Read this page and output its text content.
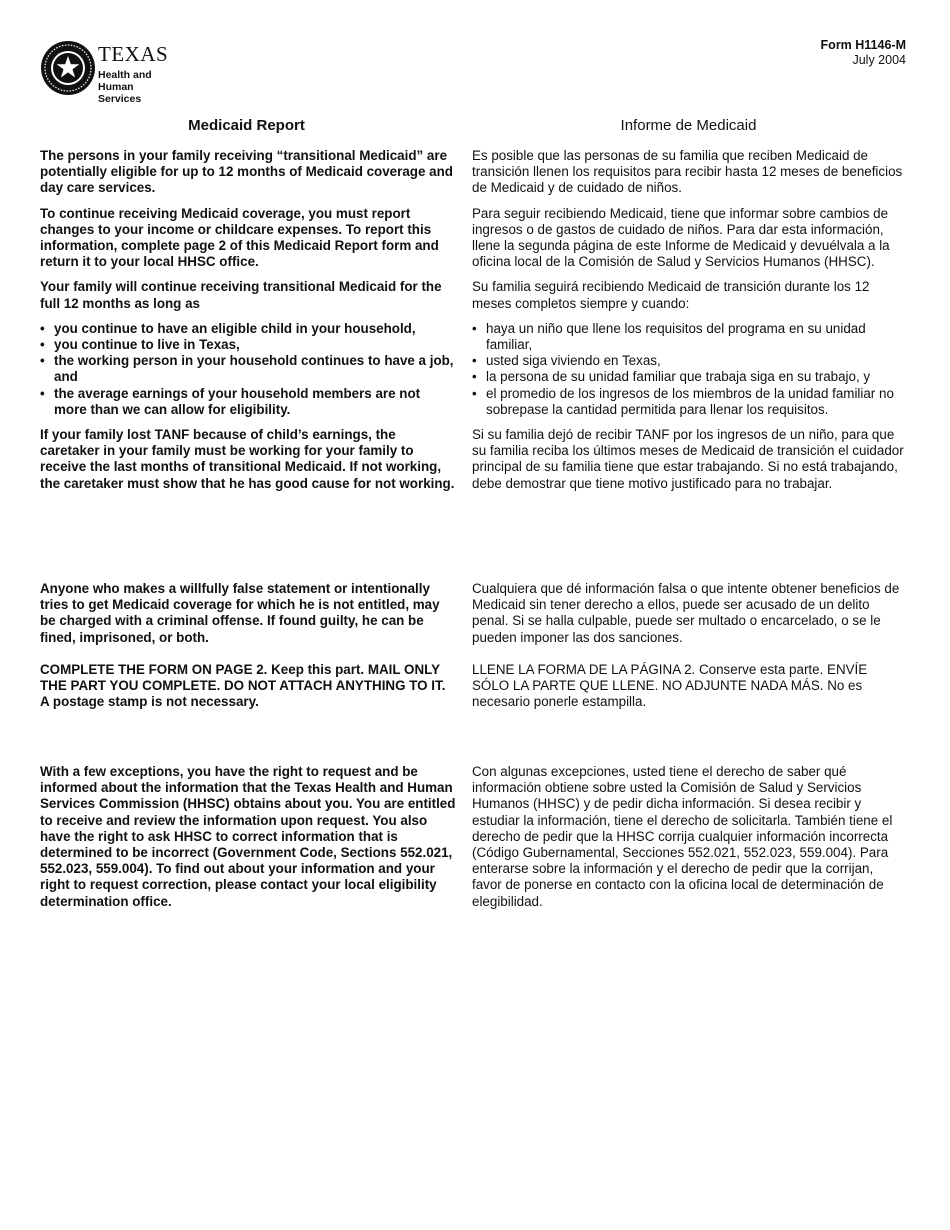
TEXAS
Health and Human
Services
Form H1146-M
July 2004
Medicaid Report	Informe de Medicaid

The persons in your family receiving “transitional Medicaid” are potentially eligible for up to 12 months of Medicaid coverage and day care services.

To continue receiving Medicaid coverage, you must report changes to your income or childcare expenses. To report this information, complete page 2 of this Medicaid Report form and return it to your local HHSC office.

Your family will continue receiving transitional Medicaid for the full 12 months as long as

• you continue to have an eligible child in your household,
• you continue to live in Texas,
• the working person in your household continues to have a job, and
• the average earnings of your household members are not more than we can allow for eligibility.

If your family lost TANF because of child’s earnings, the caretaker in your family must be working for your family to receive the last months of transitional Medicaid. If not working, the caretaker must show that he has good cause for not working.

Es posible que las personas de su familia que reciben Medicaid de transición llenen los requisitos para recibir hasta 12 meses de beneficios de Medicaid y de cuidado de niños.

Para seguir recibiendo Medicaid, tiene que informar sobre cambios de ingresos o de gastos de cuidado de niños. Para dar esta información, llene la segunda página de este Informe de Medicaid y devuélvala a la oficina local de la Comisión de Salud y Servicios Humanos (HHSC).

Su familia seguirá recibiendo Medicaid de transición durante los 12 meses completos siempre y cuando:

• haya un niño que llene los requisitos del programa en su unidad familiar,
• usted siga viviendo en Texas,
• la persona de su unidad familiar que trabaja siga en su trabajo, y
• el promedio de los ingresos de los miembros de la unidad familiar no sobrepase la cantidad permitida para llenar los requisitos.

Si su familia dejó de recibir TANF por los ingresos de un niño, para que su familia reciba los últimos meses de Medicaid de transición el cuidador principal de su familia tiene que estar trabajando. Si no está trabajando, debe demostrar que tiene motivo justificado para no trabajar.

Anyone who makes a willfully false statement or intentionally tries to get Medicaid coverage for which he is not entitled, may be charged with a criminal offense. If found guilty, he can be fined, imprisoned, or both.

COMPLETE THE FORM ON PAGE 2. Keep this part. MAIL ONLY THE PART YOU COMPLETE. DO NOT ATTACH ANYTHING TO IT. A postage stamp is not necessary.

Cualquiera que dé información falsa o que intente obtener beneficios de Medicaid sin tener derecho a ellos, puede ser acusado de un delito penal. Si se halla culpable, puede ser multado o encarcelado, o se le pueden imponer las dos sanciones.

LLENE LA FORMA DE LA PÁGINA 2. Conserve esta parte. ENVÍE SÓLO LA PARTE QUE LLENE. NO ADJUNTE NADA MÁS. No es necesario ponerle estampilla.

With a few exceptions, you have the right to request and be informed about the information that the Texas Health and Human Services Commission (HHSC) obtains about you. You are entitled to receive and review the information upon request. You also have the right to ask HHSC to correct information that is determined to be incorrect (Government Code, Sections 552.021, 552.023, 559.004). To find out about your information and your right to request correction, please contact your local eligibility determination office.

Con algunas excepciones, usted tiene el derecho de saber qué información obtiene sobre usted la Comisión de Salud y Servicios Humanos (HHSC) y de pedir dicha información. Si desea recibir y estudiar la información, tiene el derecho de solicitarla. También tiene el derecho de pedir que la HHSC corrija cualquier información incorrecta (Código Gubernamental, Secciones 552.021, 552.023, 559.004). Para enterarse sobre la información y el derecho de pedir que la corrijan, favor de ponerse en contacto con la oficina local de determinación de elegibilidad.
